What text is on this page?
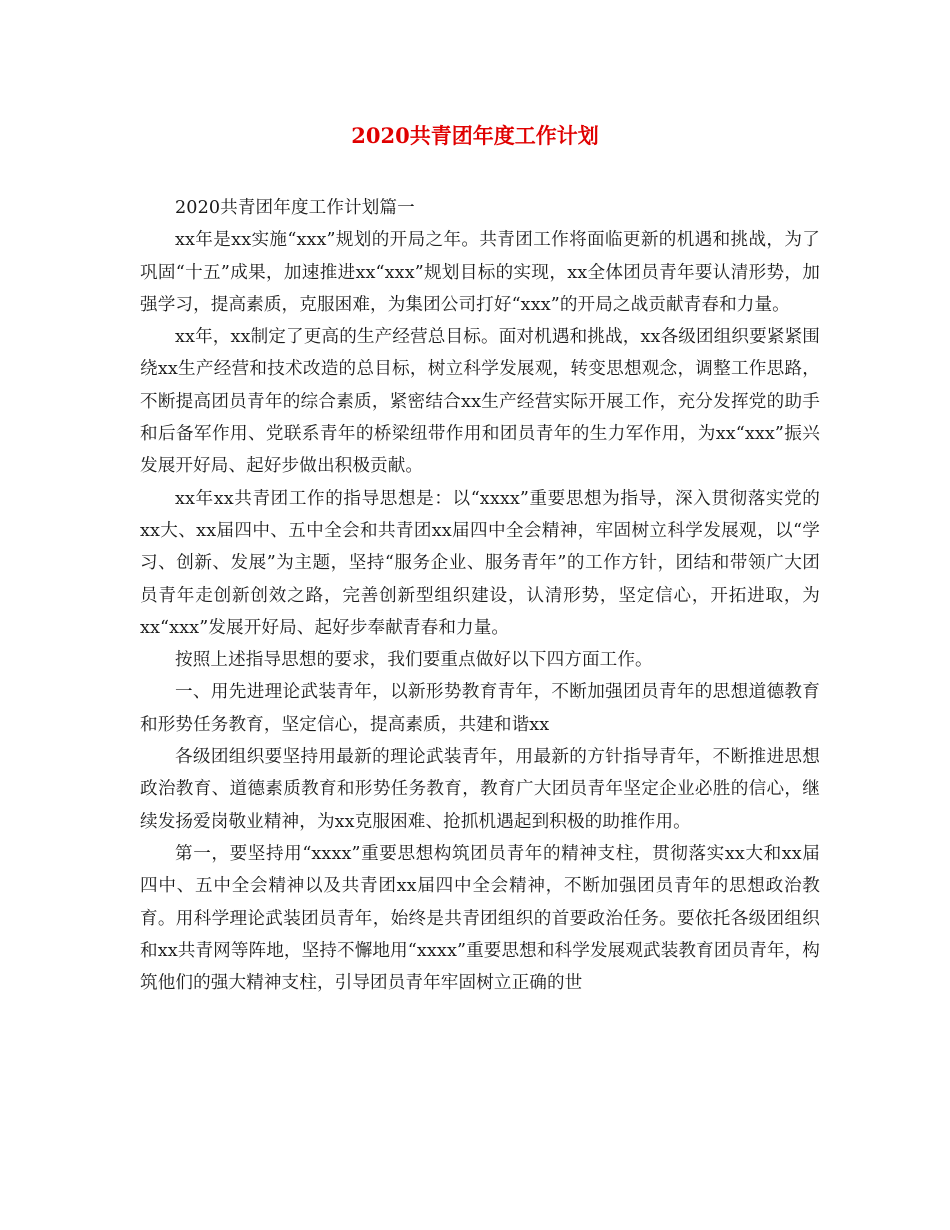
2020共青团年度工作计划

2020共青团年度工作计划篇一

xx年是xx实施“xxx”规划的开局之年。共青团工作将面临更新的机遇和挑战，为了巩固“十五”成果，加速推进xx“xxx”规划目标的实现，xx全体团员青年要认清形势，加强学习，提高素质，克服困难，为集团公司打好“xxx”的开局之战贡献青春和力量。

xx年，xx制定了更高的生产经营总目标。面对机遇和挑战，xx各级团组织要紧紧围绕xx生产经营和技术改造的总目标，树立科学发展观，转变思想观念，调整工作思路，不断提高团员青年的综合素质，紧密结合xx生产经营实际开展工作，充分发挥党的助手和后备军作用、党联系青年的桥梁纽带作用和团员青年的生力军作用，为xx“xxx”振兴发展开好局、起好步做出积极贡献。

xx年xx共青团工作的指导思想是：以“xxxx”重要思想为指导，深入贯彻落实党的xx大、xx届四中、五中全会和共青团xx届四中全会精神，牢固树立科学发展观，以“学习、创新、发展”为主题，坚持“服务企业、服务青年”的工作方针，团结和带领广大团员青年走创新创效之路，完善创新型组织建设，认清形势，坚定信心，开拓进取，为xx“xxx”发展开好局、起好步奉献青春和力量。

按照上述指导思想的要求，我们要重点做好以下四方面工作。

一、用先进理论武装青年，以新形势教育青年，不断加强团员青年的思想道德教育和形势任务教育，坚定信心，提高素质，共建和谐xx

各级团组织要坚持用最新的理论武装青年，用最新的方针指导青年，不断推进思想政治教育、道德素质教育和形势任务教育，教育广大团员青年坚定企业必胜的信心，继续发扬爱岗敬业精神，为xx克服困难、抢抓机遇起到积极的助推作用。

第一，要坚持用“xxxx”重要思想构筑团员青年的精神支柱，贯彻落实xx大和xx届四中、五中全会精神以及共青团xx届四中全会精神，不断加强团员青年的思想政治教育。用科学理论武装团员青年，始终是共青团组织的首要政治任务。要依托各级团组织和xx共青网等阵地，坚持不懈地用“xxxx”重要思想和科学发展观武装教育团员青年，构筑他们的强大精神支柱，引导团员青年牢固树立正确的世
